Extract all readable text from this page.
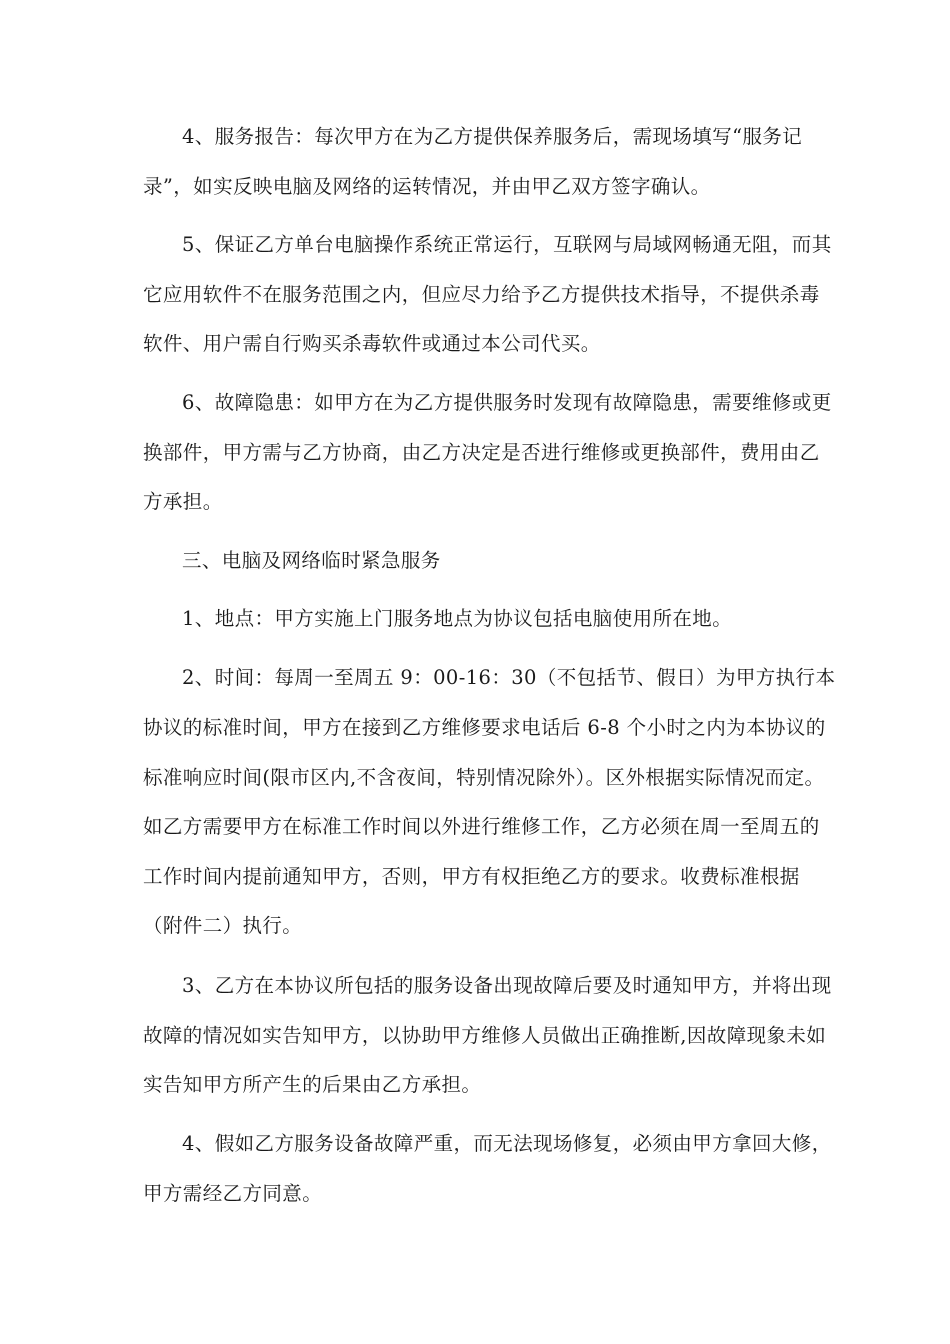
4、服务报告：每次甲方在为乙方提供保养服务后，需现场填写“服务记
录”，如实反映电脑及网络的运转情况，并由甲乙双方签字确认。
5、保证乙方单台电脑操作系统正常运行，互联网与局域网畅通无阻，而其
它应用软件不在服务范围之内，但应尽力给予乙方提供技术指导，不提供杀毒
软件、用户需自行购买杀毒软件或通过本公司代买。
6、故障隐患：如甲方在为乙方提供服务时发现有故障隐患，需要维修或更
换部件，甲方需与乙方协商，由乙方决定是否进行维修或更换部件，费用由乙
方承担。
三、电脑及网络临时紧急服务
1、地点：甲方实施上门服务地点为协议包括电脑使用所在地。
2、时间：每周一至周五 9：00-16：30（不包括节、假日）为甲方执行本
协议的标准时间，甲方在接到乙方维修要求电话后 6-8 个小时之内为本协议的
标准响应时间(限市区内,不含夜间，特别情况除外）。区外根据实际情况而定。
如乙方需要甲方在标准工作时间以外进行维修工作，乙方必须在周一至周五的
工作时间内提前通知甲方，否则，甲方有权拒绝乙方的要求。收费标准根据
（附件二）执行。
3、乙方在本协议所包括的服务设备出现故障后要及时通知甲方，并将出现
故障的情况如实告知甲方，以协助甲方维修人员做出正确推断,因故障现象未如
实告知甲方所产生的后果由乙方承担。
4、假如乙方服务设备故障严重，而无法现场修复，必须由甲方拿回大修，
甲方需经乙方同意。
